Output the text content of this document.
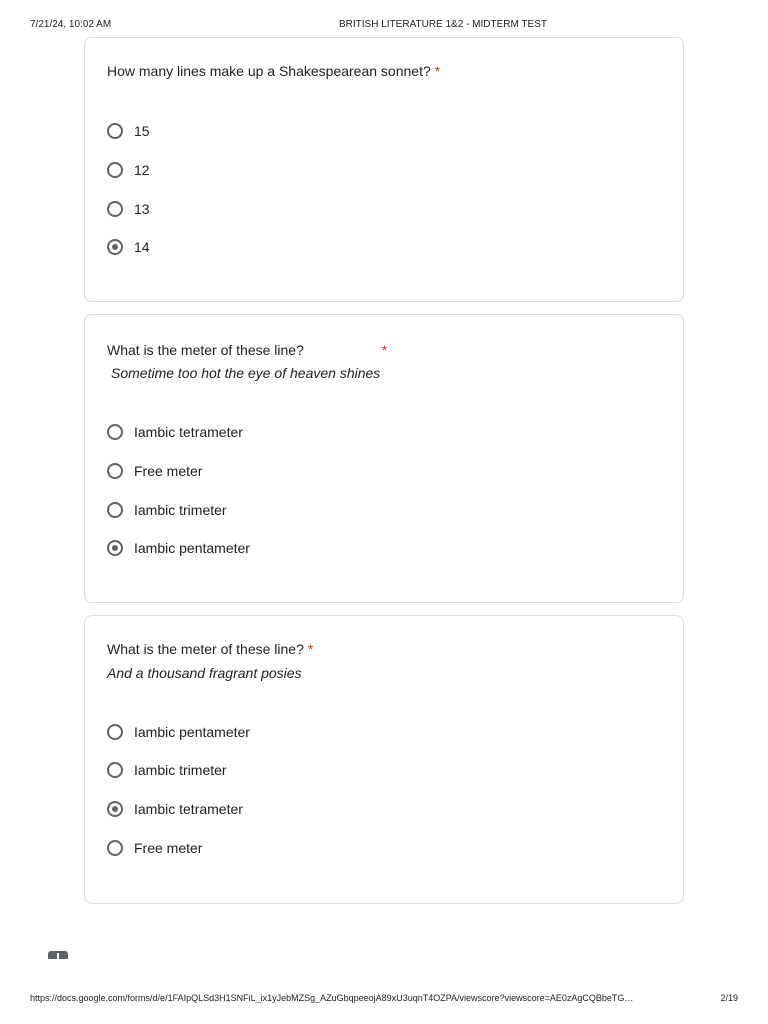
7/21/24, 10:02 AM	BRITISH LITERATURE 1&2 - MIDTERM TEST
How many lines make up a Shakespearean sonnet? *
15
12
13
14
What is the meter of these line?	*
Sometime too hot the eye of heaven shines
Iambic tetrameter
Free meter
Iambic trimeter
Iambic pentameter
What is the meter of these line? *
And a thousand fragrant posies
Iambic pentameter
Iambic trimeter
Iambic tetrameter
Free meter
https://docs.google.com/forms/d/e/1FAIpQLSd3H1SNFiL_ix1yJebMZSg_AZuGbqpeeojA89xU3uqnT4OZPA/viewscore?viewscore=AE0zAgCQBbeTG…	2/19
